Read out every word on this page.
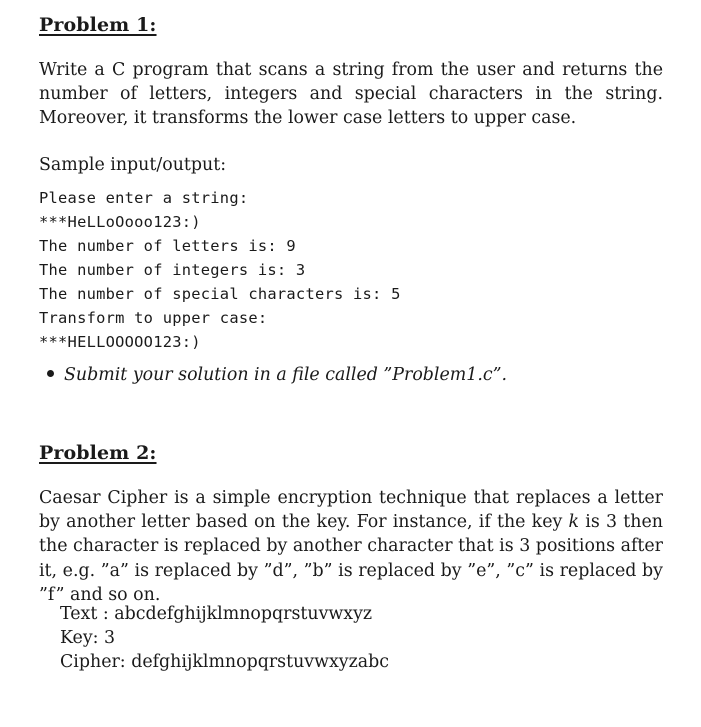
Problem 1:

Write a C program that scans a string from the user and returns the number of letters, integers and special characters in the string. Moreover, it transforms the lower case letters to upper case.

Sample input/output:
Please enter a string:
***HeLLoOooo123:)
The number of letters is: 9
The number of integers is: 3
The number of special characters is: 5
Transform to upper case:
***HELLOOOOO123:)
Submit your solution in a file called ”Problem1.c”.
Problem 2:

Caesar Cipher is a simple encryption technique that replaces a letter by another letter based on the key. For instance, if the key k is 3 then the character is replaced by another character that is 3 positions after it, e.g. ”a” is replaced by ”d”, ”b” is replaced by ”e”, ”c” is replaced by ”f” and so on.

Text : abcdefghijklmnopqrstuvwxyz
Key: 3
Cipher: defghijklmnopqrstuvwxyzabc
